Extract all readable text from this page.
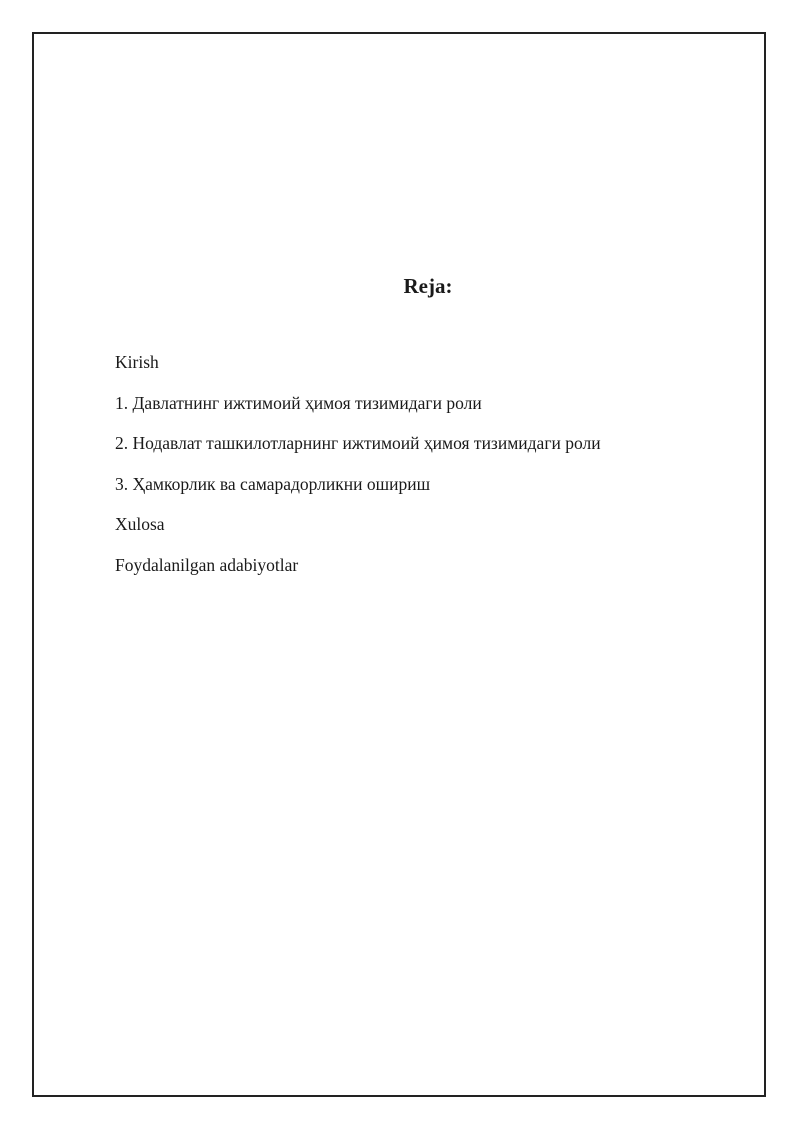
Reja:
Kirish
1. Давлатнинг ижтимоий ҳимоя тизимидаги роли
2. Нодавлат ташкилотларнинг ижтимоий ҳимоя тизимидаги роли
3. Ҳамкорлик ва самарадорликни ошириш
Xulosa
Foydalanilgan adabiyotlar
